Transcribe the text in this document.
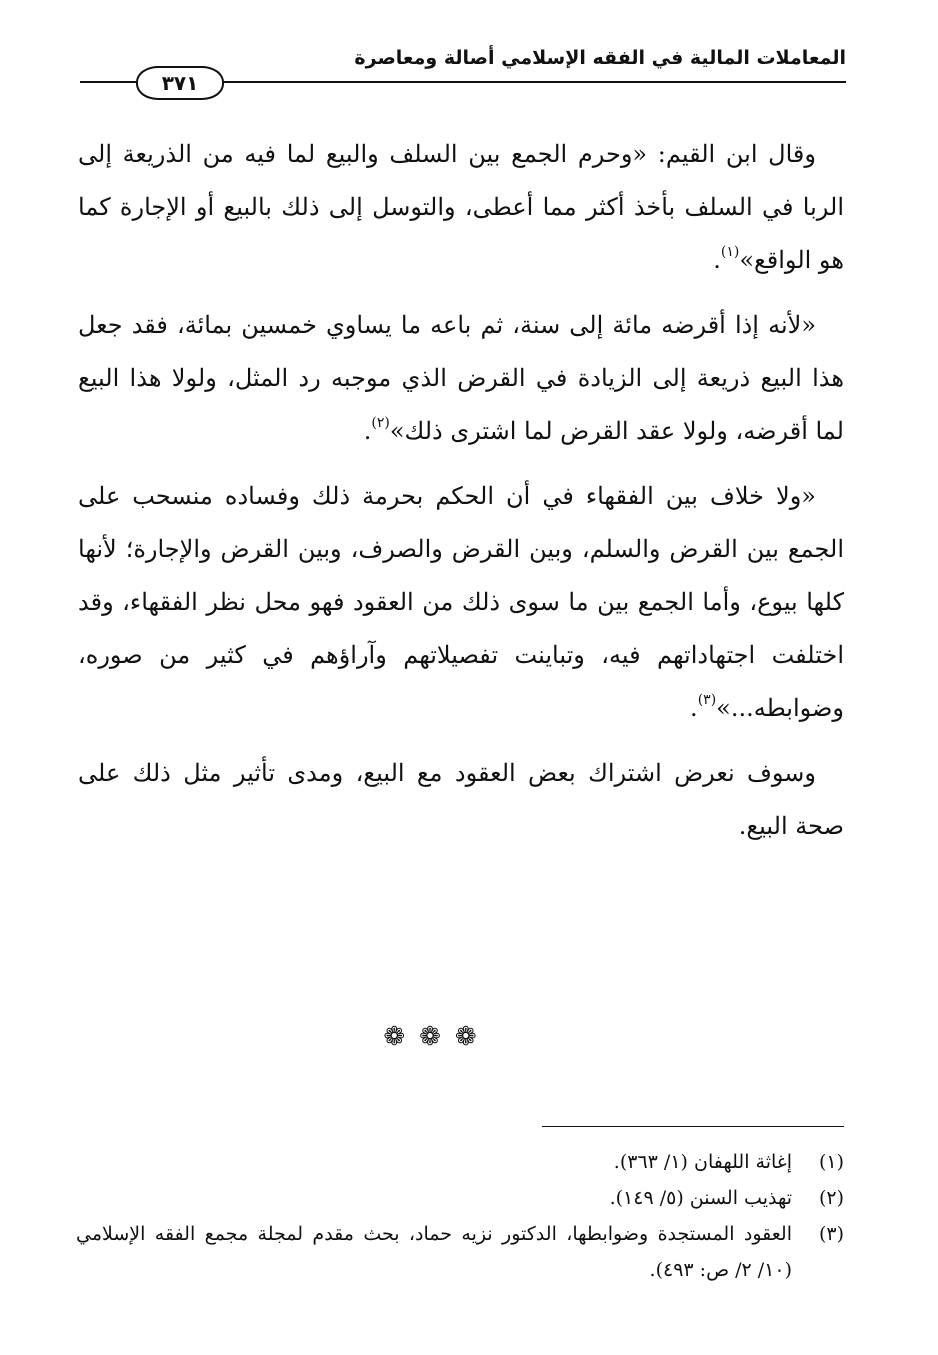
المعاملات المالية في الفقه الإسلامي أصالة ومعاصرة
٣٧١

وقال ابن القيم: «وحرم الجمع بين السلف والبيع لما فيه من الذريعة إلى الربا في السلف بأخذ أكثر مما أعطى، والتوسل إلى ذلك بالبيع أو الإجارة كما هو الواقع»$^{(١)}$.

«لأنه إذا أقرضه مائة إلى سنة، ثم باعه ما يساوي خمسين بمائة، فقد جعل هذا البيع ذريعة إلى الزيادة في القرض الذي موجبه رد المثل، ولولا هذا البيع لما أقرضه، ولولا عقد القرض لما اشترى ذلك»$^{(٢)}$.

«ولا خلاف بين الفقهاء في أن الحكم بحرمة ذلك وفساده منسحب على الجمع بين القرض والسلم، وبين القرض والصرف، وبين القرض والإجارة؛ لأنها كلها بيوع، وأما الجمع بين ما سوى ذلك من العقود فهو محل نظر الفقهاء، وقد اختلفت اجتهاداتهم فيه، وتباينت تفصيلاتهم وآراؤهم في كثير من صوره، وضوابطه...»$^{(٣)}$.

وسوف نعرض اشتراك بعض العقود مع البيع، ومدى تأثير مثل ذلك على صحة البيع.

❁❁❁

(١)
إغاثة اللهفان (١/ ٣٦٣).

(٢)
تهذيب السنن (٥/ ١٤٩).

(٣)
العقود المستجدة وضوابطها، الدكتور نزيه حماد، بحث مقدم لمجلة مجمع الفقه الإسلامي (١٠/ ٢/ ص: ٤٩٣).
